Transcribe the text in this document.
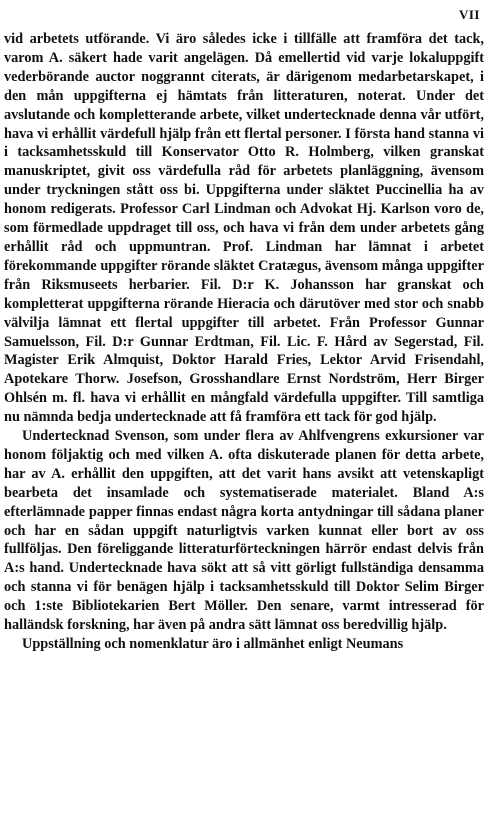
VII

vid arbetets utförande. Vi äro således icke i tillfälle att framföra det tack, varom A. säkert hade varit angelägen. Då emellertid vid varje lokaluppgift vederbörande auctor noggrannt citerats, är därigenom medarbetarskapet, i den mån uppgifterna ej hämtats från litteraturen, noterat. Under det avslutande och kompletterande arbete, vilket undertecknade denna vår utfört, hava vi erhållit värdefull hjälp från ett flertal personer. I första hand stanna vi i tacksamhetsskuld till Konservator Otto R. Holmberg, vilken granskat manuskriptet, givit oss värdefulla råd för arbetets planläggning, ävensom under tryckningen stått oss bi. Uppgifterna under släktet Puccinellia ha av honom redigerats. Professor Carl Lindman och Advokat Hj. Karlson voro de, som förmedlade uppdraget till oss, och hava vi från dem under arbetets gång erhållit råd och uppmuntran. Prof. Lindman har lämnat i arbetet förekommande uppgifter rörande släktet Cratægus, ävensom många uppgifter från Riksmuseets herbarier. Fil. D:r K. Johansson har granskat och kompletterat uppgifterna rörande Hieracia och därutöver med stor och snabb välvilja lämnat ett flertal uppgifter till arbetet. Från Professor Gunnar Samuelsson, Fil. D:r Gunnar Erdtman, Fil. Lic. F. Hård av Segerstad, Fil. Magister Erik Almquist, Doktor Harald Fries, Lektor Arvid Frisendahl, Apotekare Thorw. Josefson, Grosshandlare Ernst Nordström, Herr Birger Ohlsén m. fl. hava vi erhållit en mångfald värdefulla uppgifter. Till samtliga nu nämnda bedja undertecknade att få framföra ett tack för god hjälp.

Undertecknad Svenson, som under flera av Ahlfvengrens exkursioner var honom följaktig och med vilken A. ofta diskuterade planen för detta arbete, har av A. erhållit den uppgiften, att det varit hans avsikt att vetenskapligt bearbeta det insamlade och systematiserade materialet. Bland A:s efterlämnade papper finnas endast några korta antydningar till sådana planer och har en sådan uppgift naturligtvis varken kunnat eller bort av oss fullföljas. Den föreliggande litteraturförteckningen härrör endast delvis från A:s hand. Undertecknade hava sökt att så vitt görligt fullständiga densamma och stanna vi för benägen hjälp i tacksamhetsskuld till Doktor Selim Birger och 1:ste Bibliotekarien Bert Möller. Den senare, varmt intresserad för halländsk forskning, har även på andra sätt lämnat oss beredvillig hjälp.

Uppställning och nomenklatur äro i allmänhet enligt Neumans
